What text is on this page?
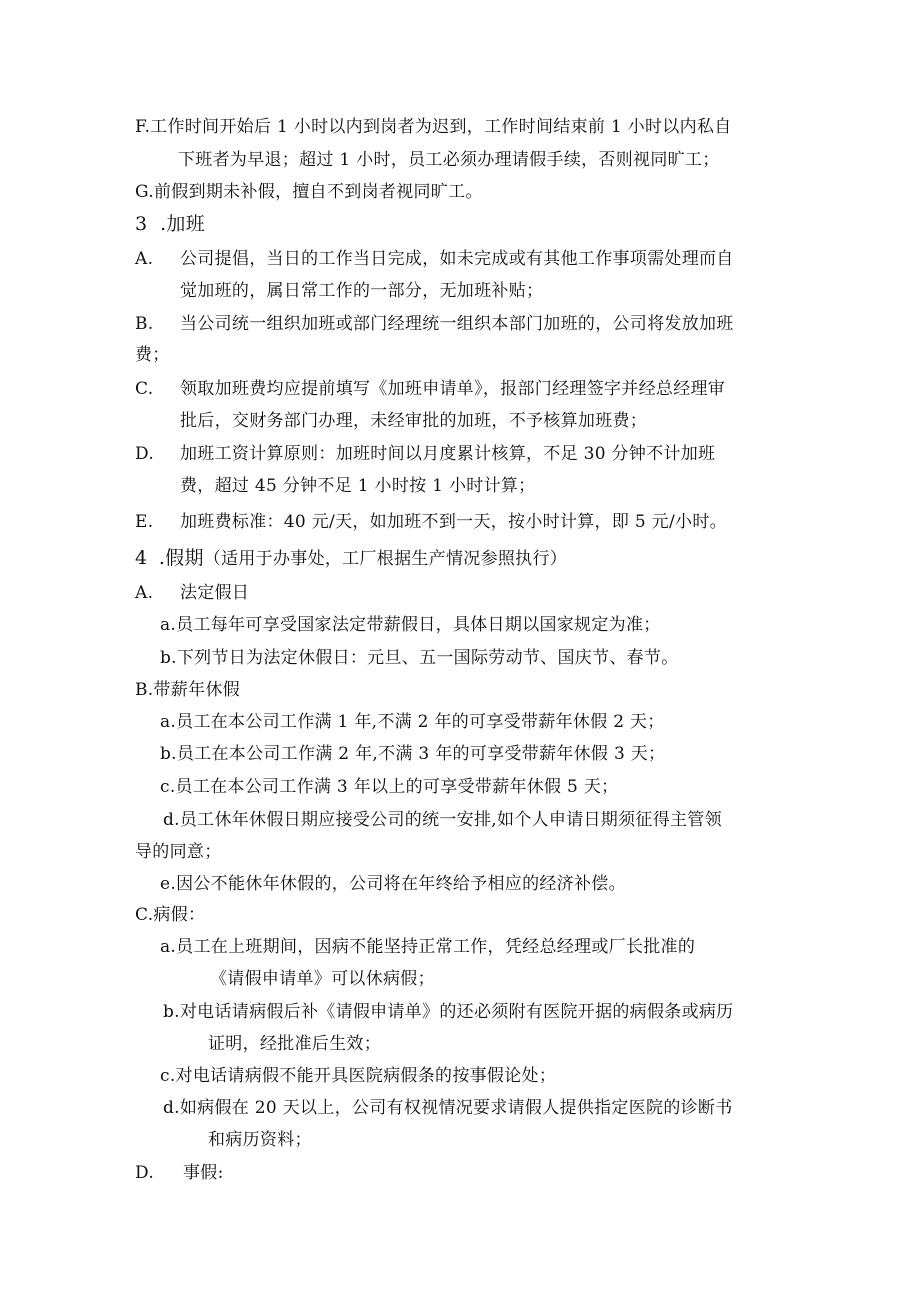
F.工作时间开始后 1 小时以内到岗者为迟到，工作时间结束前 1 小时以内私自
下班者为早退；超过 1 小时，员工必须办理请假手续，否则视同旷工；
G.前假到期未补假，擅自不到岗者视同旷工。
3 .加班
A. 公司提倡，当日的工作当日完成，如未完成或有其他工作事项需处理而自
觉加班的，属日常工作的一部分，无加班补贴；
B. 当公司统一组织加班或部门经理统一组织本部门加班的，公司将发放加班
费；
C. 领取加班费均应提前填写《加班申请单》，报部门经理签字并经总经理审
批后，交财务部门办理，未经审批的加班，不予核算加班费；
D. 加班工资计算原则：加班时间以月度累计核算，不足 30 分钟不计加班
费，超过 45 分钟不足 1 小时按 1 小时计算；
E. 加班费标准：40 元/天，如加班不到一天，按小时计算，即 5 元/小时。
4 .假期（适用于办事处，工厂根据生产情况参照执行）
A. 法定假日
a.员工每年可享受国家法定带薪假日，具体日期以国家规定为准；
b.下列节日为法定休假日：元旦、五一国际劳动节、国庆节、春节。
B.带薪年休假
a.员工在本公司工作满 1 年,不满 2 年的可享受带薪年休假 2 天；
b.员工在本公司工作满 2 年,不满 3 年的可享受带薪年休假 3 天；
c.员工在本公司工作满 3 年以上的可享受带薪年休假 5 天；
d.员工休年休假日期应接受公司的统一安排,如个人申请日期须征得主管领
导的同意；
e.因公不能休年休假的，公司将在年终给予相应的经济补偿。
C.病假：
a.员工在上班期间，因病不能坚持正常工作，凭经总经理或厂长批准的
《请假申请单》可以休病假；
b.对电话请病假后补《请假申请单》的还必须附有医院开据的病假条或病历
证明，经批准后生效；
c.对电话请病假不能开具医院病假条的按事假论处；
d.如病假在 20 天以上，公司有权视情况要求请假人提供指定医院的诊断书
和病历资料；
D. 事假:
